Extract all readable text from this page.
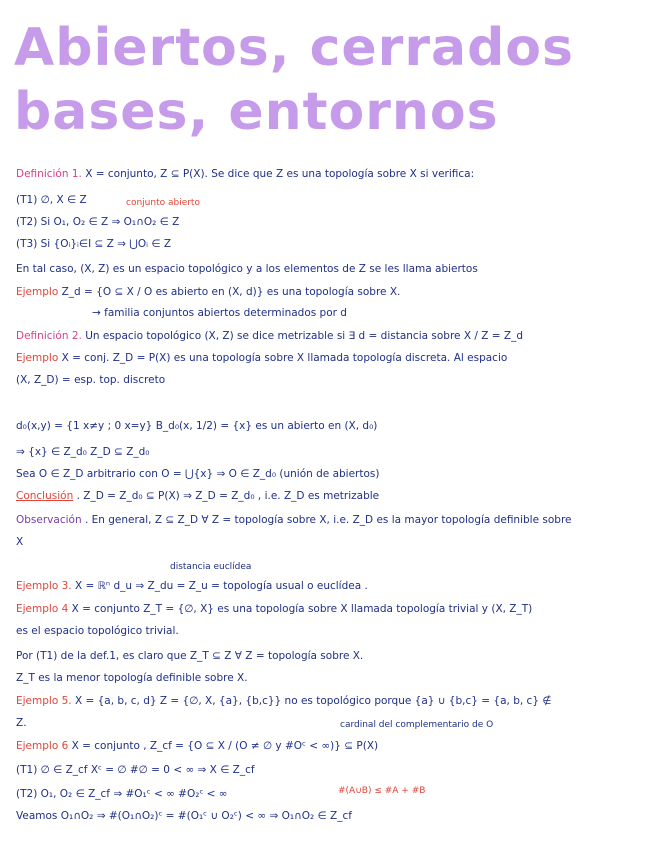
Abiertos, cerrados
bases, entornos
Definición 1. X = conjunto, Z ⊆ P(X). Se dice que Z es una topología sobre X si verifica:
(T1) ∅, X ∈ Z	conjunto abierto
(T2) Si O₁, O₂ ∈ Z ⇒ O₁∩O₂ ∈ Z
(T3) Si {Oᵢ}ᵢ∈I ⊆ Z ⇒ ⋃Oᵢ ∈ Z
En tal caso, (X, Z) es un espacio topológico y a los elementos de Z se les llama abiertos
Ejemplo Z_d = {O ⊆ X / O es abierto en (X, d)} es una topología sobre X.
→ familia conjuntos abiertos determinados por d
Definición 2. Un espacio topológico (X, Z) se dice metrizable si ∃ d = distancia sobre X / Z = Z_d
Ejemplo X = conj. Z_D = P(X) es una topología sobre X llamada topología discreta. Al espacio
(X, Z_D) = esp. top. discreto
d₀(x,y) = {1 x≠y ; 0 x=y} B_d₀(x, 1/2) = {x} es un abierto en (X, d₀)
⇒ {x} ∈ Z_d₀ Z_D ⊆ Z_d₀
Sea O ∈ Z_D arbitrario con O = ⋃{x} ⇒ O ∈ Z_d₀ (unión de abiertos)
Conclusión . Z_D = Z_d₀ ⊆ P(X) ⇒ Z_D = Z_d₀ , i.e. Z_D es metrizable
Observación . En general, Z ⊆ Z_D ∀ Z = topología sobre X, i.e. Z_D es la mayor topología definible sobre
X
distancia euclídea
Ejemplo 3. X = ℝⁿ d_u ⇒ Z_du = Z_u = topología usual o euclídea .
Ejemplo 4 X = conjunto Z_T = {∅, X} es una topología sobre X llamada topología trivial y (X, Z_T)
es el espacio topológico trivial.
Por (T1) de la def.1, es claro que Z_T ⊆ Z ∀ Z = topología sobre X.
Z_T es la menor topología definible sobre X.
Ejemplo 5. X = {a, b, c, d} Z = {∅, X, {a}, {b,c}} no es topológico porque {a} ∪ {b,c} = {a, b, c} ∉
Z.	cardinal del complementario de O
Ejemplo 6 X = conjunto , Z_cf = {O ⊆ X / (O ≠ ∅ y #Oᶜ < ∞)} ⊆ P(X)
(T1) ∅ ∈ Z_cf Xᶜ = ∅ #∅ = 0 < ∞ ⇒ X ∈ Z_cf
#(A∪B) ≤ #A + #B
(T2) O₁, O₂ ∈ Z_cf ⇒ #O₁ᶜ < ∞ #O₂ᶜ < ∞
Veamos O₁∩O₂ ⇒ #(O₁∩O₂)ᶜ = #(O₁ᶜ ∪ O₂ᶜ) < ∞ ⇒ O₁∩O₂ ∈ Z_cf
